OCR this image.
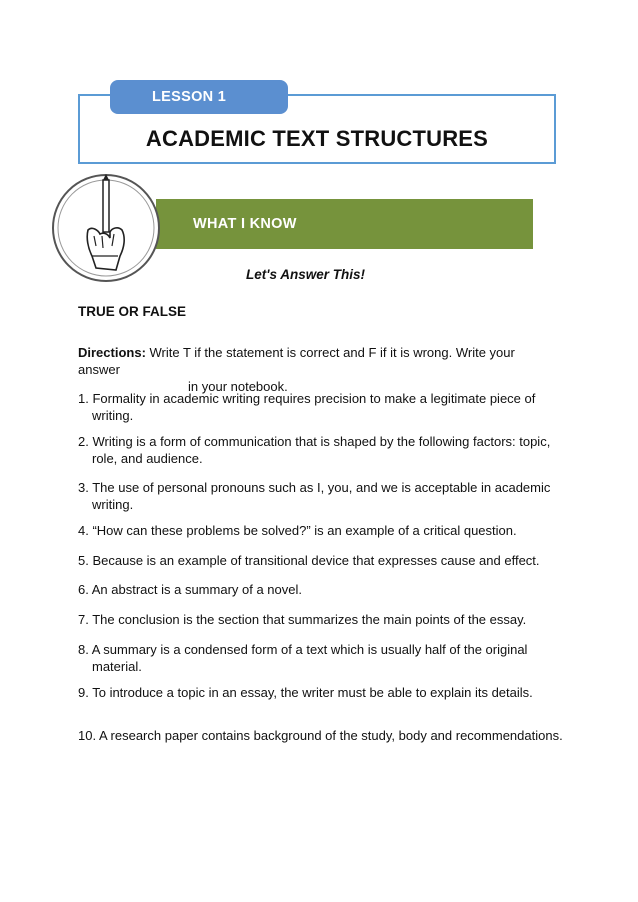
LESSON 1
ACADEMIC TEXT STRUCTURES
WHAT I KNOW
Let's Answer This!
TRUE OR FALSE
Directions: Write T if the statement is correct and F if it is wrong. Write your answer
in your notebook.
1. Formality in academic writing requires precision to make a legitimate piece of
writing.
2. Writing is a form of communication that is shaped by the following factors: topic,
role, and audience.
3. The use of personal pronouns such as I, you, and we is acceptable in academic
writing.
4. “How can these problems be solved?” is an example of a critical question.
5. Because is an example of transitional device that expresses cause and effect.
6. An abstract is a summary of a novel.
7. The conclusion is the section that summarizes the main points of the essay.
8. A summary is a condensed form of a text which is usually half of the original
material.
9. To introduce a topic in an essay, the writer must be able to explain its details.
10. A research paper contains background of the study, body and recommendations.
